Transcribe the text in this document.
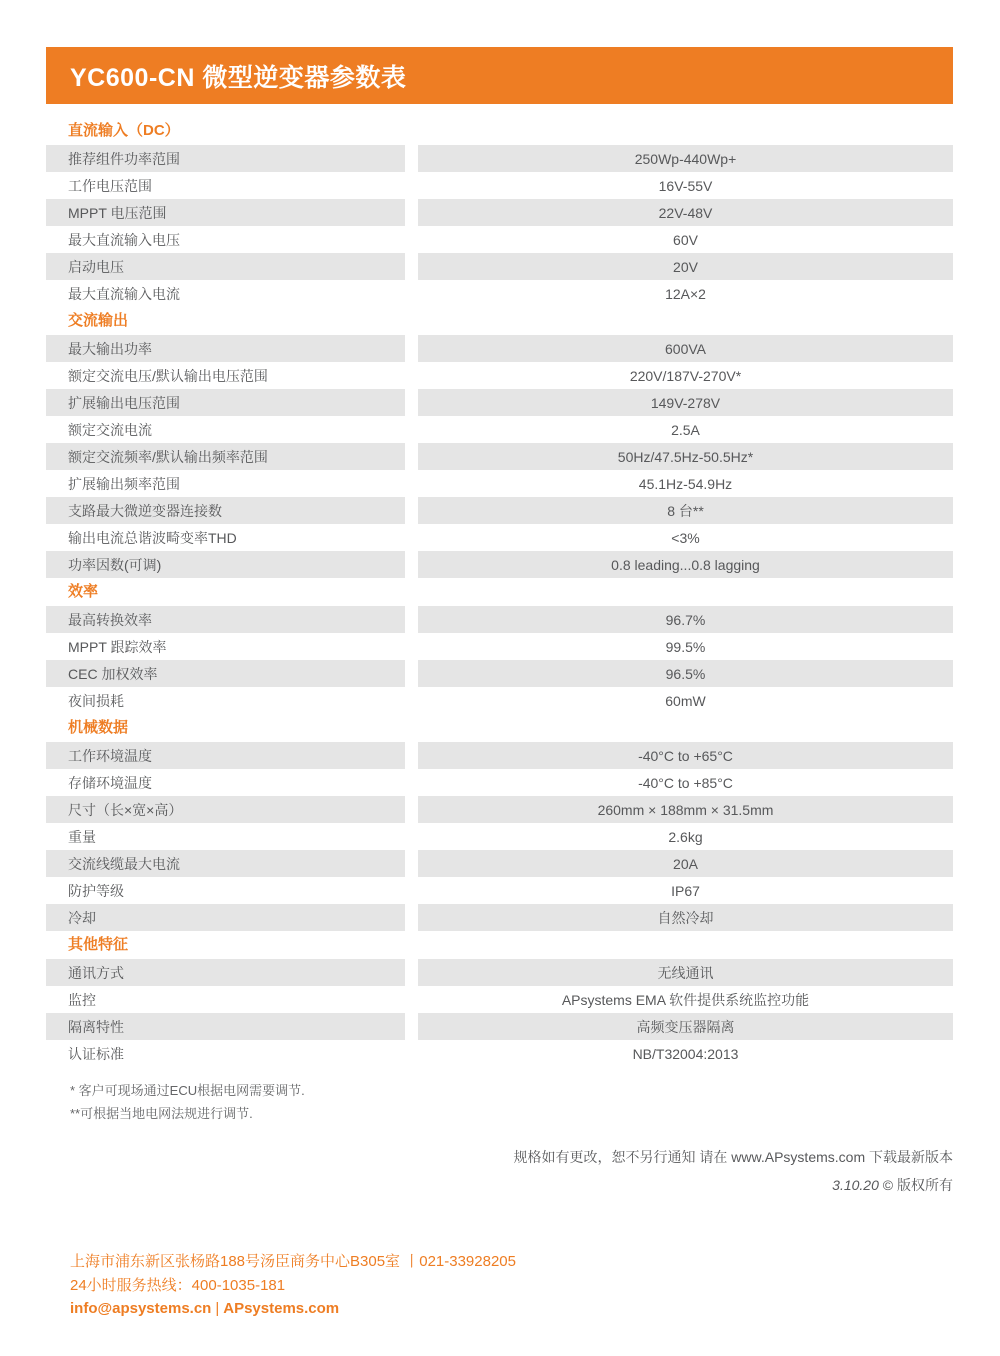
YC600-CN 微型逆变器参数表
直流输入（DC）
推荐组件功率范围	250Wp-440Wp+
工作电压范围	16V-55V
MPPT 电压范围	22V-48V
最大直流输入电压	60V
启动电压	20V
最大直流输入电流	12A×2
交流输出
最大输出功率	600VA
额定交流电压/默认输出电压范围	220V/187V-270V*
扩展输出电压范围	149V-278V
额定交流电流	2.5A
额定交流频率/默认输出频率范围	50Hz/47.5Hz-50.5Hz*
扩展输出频率范围	45.1Hz-54.9Hz
支路最大微逆变器连接数	8 台**
输出电流总谐波畸变率THD	<3%
功率因数(可调)	0.8 leading...0.8 lagging
效率
最高转换效率	96.7%
MPPT 跟踪效率	99.5%
CEC 加权效率	96.5%
夜间损耗	60mW
机械数据
工作环境温度	-40°C to +65°C
存储环境温度	-40°C to +85°C
尺寸（长×宽×高）	260mm × 188mm × 31.5mm
重量	2.6kg
交流线缆最大电流	20A
防护等级	IP67
冷却	自然冷却
其他特征
通讯方式	无线通讯
监控	APsystems EMA 软件提供系统监控功能
隔离特性	高频变压器隔离
认证标准	NB/T32004:2013
* 客户可现场通过ECU根据电网需要调节.
**可根据当地电网法规进行调节.
规格如有更改，恕不另行通知 请在 www.APsystems.com 下载最新版本
3.10.20 © 版权所有
上海市浦东新区张杨路188号汤臣商务中心B305室 丨021-33928205
24小时服务热线：400-1035-181
info@apsystems.cn | APsystems.com
